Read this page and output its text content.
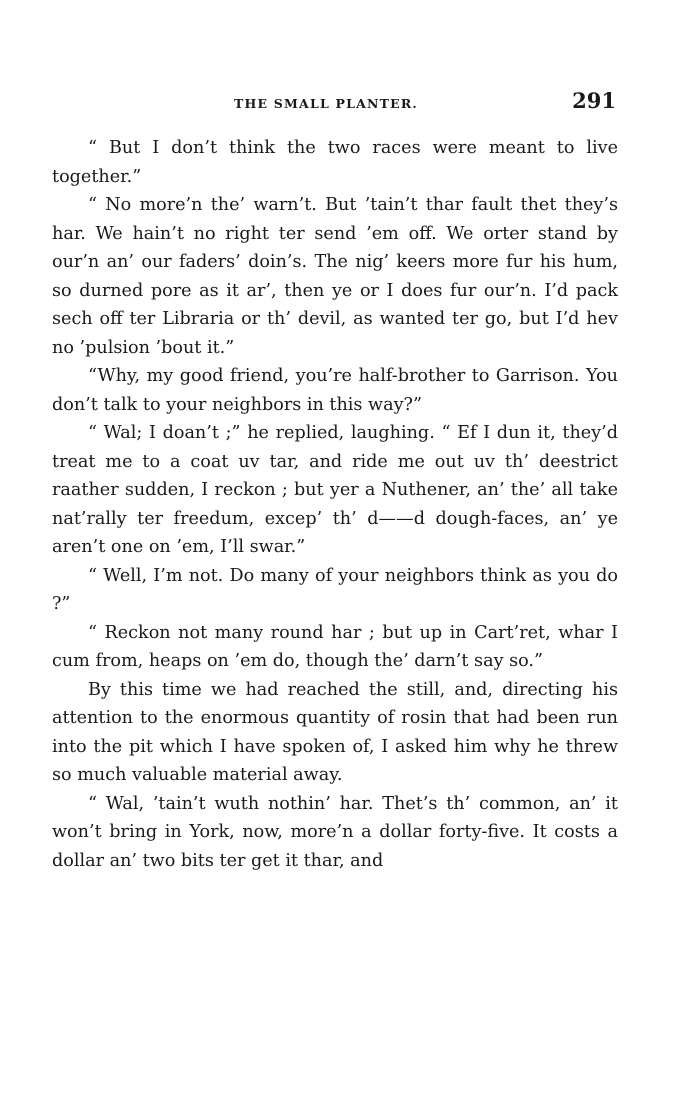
THE SMALL PLANTER.	291

“ But I don’t think the two races were meant to live together.”

“ No more’n the’ warn’t. But ’tain’t thar fault thet they’s har. We hain’t no right ter send ’em off. We orter stand by our’n an’ our faders’ doin’s. The nig’ keers more fur his hum, so durned pore as it ar’, then ye or I does fur our’n. I’d pack sech off ter Libraria or th’ devil, as wanted ter go, but I’d hev no ’pulsion ’bout it.”

“Why, my good friend, you’re half-brother to Garrison. You don’t talk to your neighbors in this way?”

“ Wal; I doan’t ;” he replied, laughing. “ Ef I dun it, they’d treat me to a coat uv tar, and ride me out uv th’ deestrict raather sudden, I reckon ; but yer a Nuthener, an’ the’ all take nat’rally ter freedum, excep’ th’ d——d dough-faces, an’ ye aren’t one on ’em, I’ll swar.”

“ Well, I’m not. Do many of your neighbors think as you do ?”

“ Reckon not many round har ; but up in Cart’ret, whar I cum from, heaps on ’em do, though the’ darn’t say so.”

By this time we had reached the still, and, directing his attention to the enormous quantity of rosin that had been run into the pit which I have spoken of, I asked him why he threw so much valuable material away.

“ Wal, ’tain’t wuth nothin’ har. Thet’s th’ common, an’ it won’t bring in York, now, more’n a dollar forty-five. It costs a dollar an’ two bits ter get it thar, and
